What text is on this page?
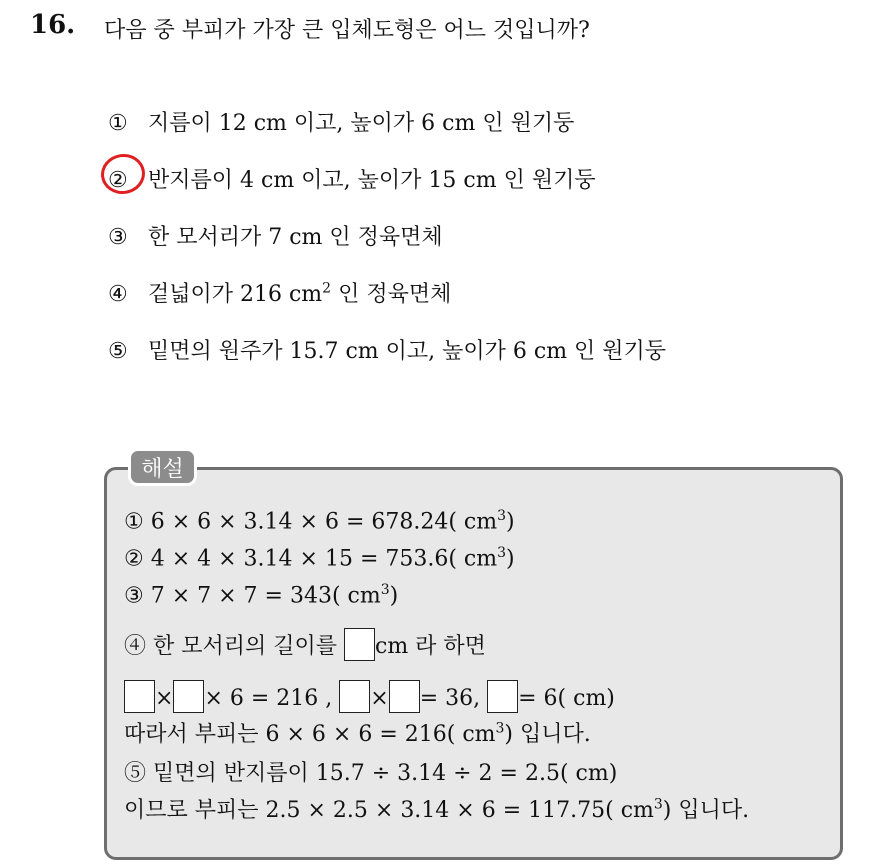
16. 다음 중 부피가 가장 큰 입체도형은 어느 것입니까?
① 지름이 12 cm 이고, 높이가 6 cm 인 원기둥
② 반지름이 4 cm 이고, 높이가 15 cm 인 원기둥
③ 한 모서리가 7 cm 인 정육면체
④ 겉넓이가 216 $cm^2$ 인 정육면체
⑤ 밑면의 원주가 15.7 cm 이고, 높이가 6 cm 인 원기둥
해설
① 6 × 6 × 3.14 × 6 = 678.24( $cm^3$)
② 4 × 4 × 3.14 × 15 = 753.6( $cm^3$)
③ 7 × 7 × 7 = 343( $cm^3$)
④ 한 모서리의 길이를 cm 라 하면
× × 6 = 216 , × = 36, = 6( cm)
따라서 부피는 6 × 6 × 6 = 216( $cm^3$) 입니다.
⑤ 밑면의 반지름이 15.7 ÷ 3.14 ÷ 2 = 2.5( cm)
이므로 부피는 2.5 × 2.5 × 3.14 × 6 = 117.75( $cm^3$) 입니다.
